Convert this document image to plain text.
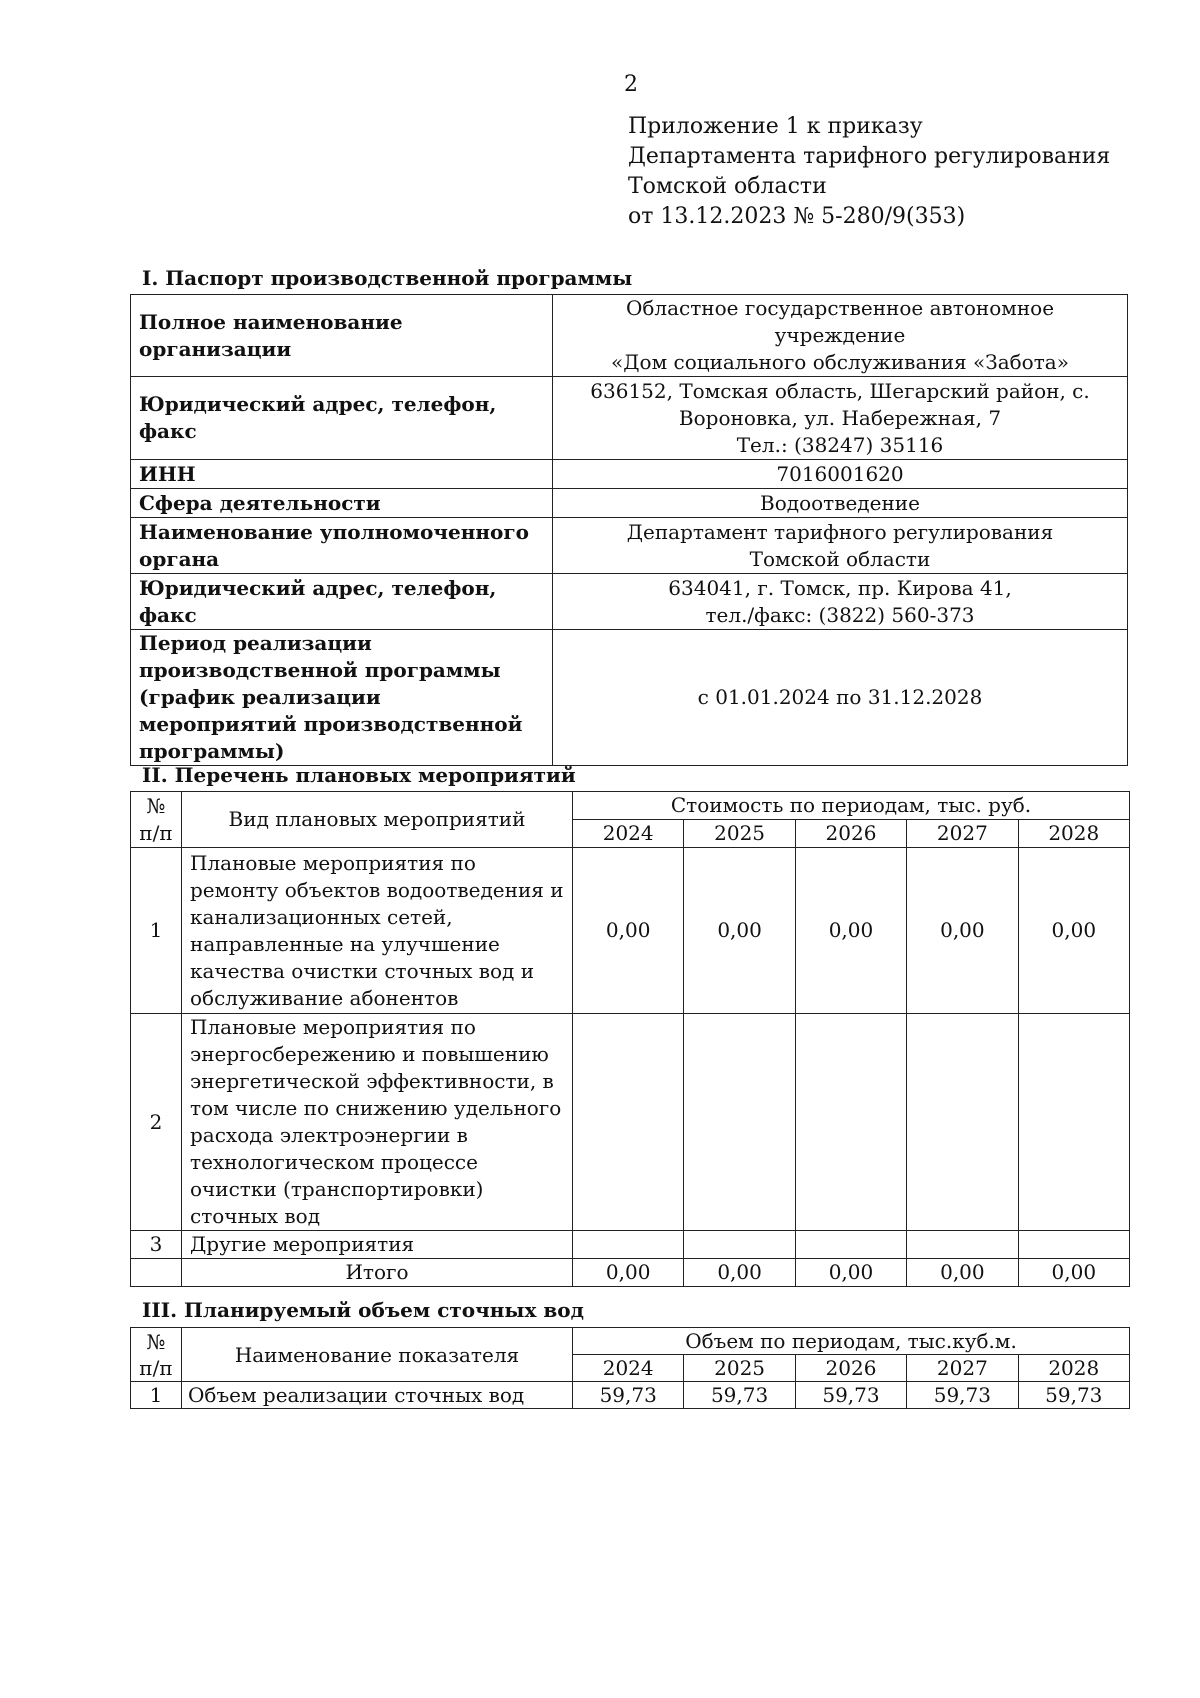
2
Приложение 1 к приказу
Департамента тарифного регулирования
Томской области
от 13.12.2023 № 5-280/9(353)
I. Паспорт производственной программы
Полное наименование организации	Областное государственное автономное учреждение
«Дом социального обслуживания «Забота»

Юридический адрес, телефон, факс	636152, Томская область, Шегарский район, с.
Вороновка, ул. Набережная, 7
Тел.: (38247) 35116

ИНН	7016001620

Сфера деятельности	Водоотведение

Наименование уполномоченного органа	Департамент тарифного регулирования
Томской области

Юридический адрес, телефон, факс	634041, г. Томск, пр. Кирова 41,
тел./факс: (3822) 560-373

Период реализации производственной программы (график реализации мероприятий производственной программы)	с 01.01.2024 по 31.12.2028
II. Перечень плановых мероприятий
№ п/п	Вид плановых мероприятий	Стоимость по периодам, тыс. руб.				
		2024	2025	2026	2027	2028
1	Плановые мероприятия по ремонту объектов водоотведения и канализационных сетей, направленные на улучшение качества очистки сточных вод и обслуживание абонентов	0,00	0,00	0,00	0,00	0,00
2	Плановые мероприятия по энергосбережению и повышению энергетической эффективности, в том числе по снижению удельного расхода электроэнергии в технологическом процессе очистки (транспортировки) сточных вод					
3	Другие мероприятия					
	Итого	0,00	0,00	0,00	0,00	0,00
III. Планируемый объем сточных вод
№ п/п	Наименование показателя	Объем по периодам, тыс.куб.м.				
		2024	2025	2026	2027	2028
1	Объем реализации сточных вод	59,73	59,73	59,73	59,73	59,73
